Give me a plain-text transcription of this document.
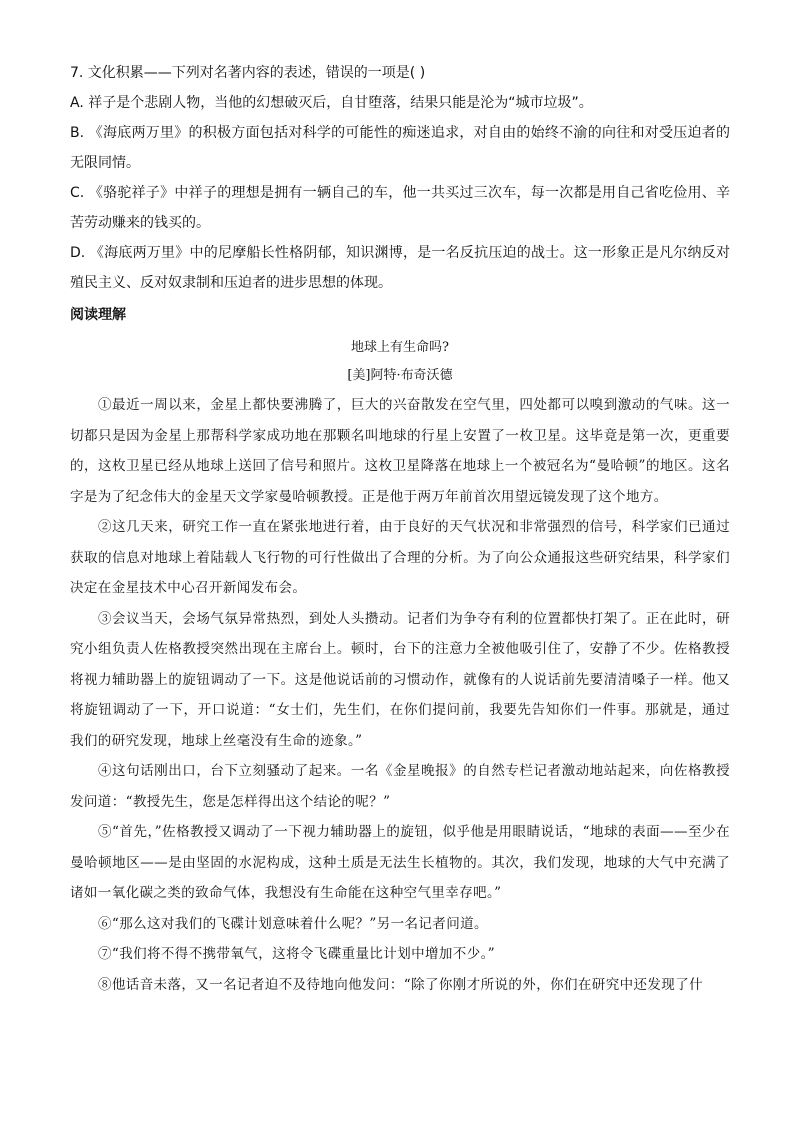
7. 文化积累——下列对名著内容的表述，错误的一项是( )

A. 祥子是个悲剧人物，当他的幻想破灭后，自甘堕落，结果只能是沦为“城市垃圾”。

B. 《海底两万里》的积极方面包括对科学的可能性的痴迷追求，对自由的始终不渝的向往和对受压迫者的无限同情。

C. 《骆驼祥子》中祥子的理想是拥有一辆自己的车，他一共买过三次车，每一次都是用自己省吃俭用、辛苦劳动赚来的钱买的。

D. 《海底两万里》中的尼摩船长性格阴郁，知识渊博，是一名反抗压迫的战士。这一形象正是凡尔纳反对殖民主义、反对奴隶制和压迫者的进步思想的体现。

阅读理解

地球上有生命吗?

[美]阿特·布奇沃德

①最近一周以来，金星上都快要沸腾了，巨大的兴奋散发在空气里，四处都可以嗅到激动的气味。这一切都只是因为金星上那帮科学家成功地在那颗名叫地球的行星上安置了一枚卫星。这毕竟是第一次，更重要的，这枚卫星已经从地球上送回了信号和照片。这枚卫星降落在地球上一个被冠名为“曼哈顿”的地区。这名字是为了纪念伟大的金星天文学家曼哈顿教授。正是他于两万年前首次用望远镜发现了这个地方。

②这几天来，研究工作一直在紧张地进行着，由于良好的天气状况和非常强烈的信号，科学家们已通过获取的信息对地球上着陆载人飞行物的可行性做出了合理的分析。为了向公众通报这些研究结果，科学家们决定在金星技术中心召开新闻发布会。

③会议当天，会场气氛异常热烈，到处人头攒动。记者们为争夺有利的位置都快打架了。正在此时，研究小组负责人佐格教授突然出现在主席台上。顿时，台下的注意力全被他吸引住了，安静了不少。佐格教授将视力辅助器上的旋钮调动了一下。这是他说话前的习惯动作，就像有的人说话前先要清清嗓子一样。他又将旋钮调动了一下，开口说道：“女士们，先生们，在你们提问前，我要先告知你们一件事。那就是，通过我们的研究发现，地球上丝毫没有生命的迹象。”

④这句话刚出口，台下立刻骚动了起来。一名《金星晚报》的自然专栏记者激动地站起来，向佐格教授发问道：“教授先生，您是怎样得出这个结论的呢？”

⑤“首先，”佐格教授又调动了一下视力辅助器上的旋钮，似乎他是用眼睛说话，“地球的表面——至少在曼哈顿地区——是由坚固的水泥构成，这种土质是无法生长植物的。其次，我们发现，地球的大气中充满了诸如一氧化碳之类的致命气体，我想没有生命能在这种空气里幸存吧。”

⑥“那么这对我们的飞碟计划意味着什么呢？”另一名记者问道。

⑦“我们将不得不携带氧气，这将令飞碟重量比计划中增加不少。”

⑧他话音未落，又一名记者迫不及待地向他发问：“除了你刚才所说的外，你们在研究中还发现了什
